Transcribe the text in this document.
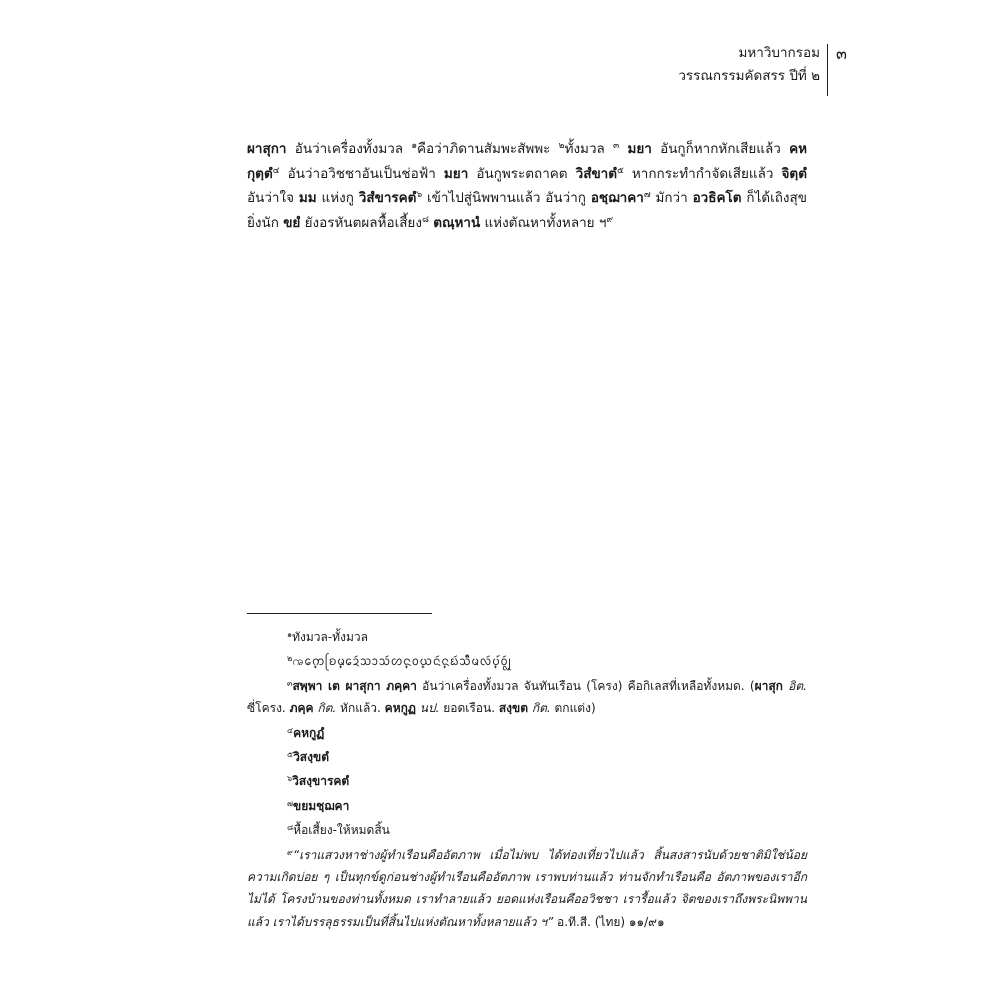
มหาวิบากรอม
วรรณกรรมคัดสรร ปีที่ ๒
๓
ผาสุกา อันว่าเครื่องทั้งมวล $^๑$คือว่าภิดานสัมพะสัพพะ $^๒$ทั้งมวล $^๓$ มยา อันกูก็หากหักเสียแล้ว คหกุตฺตํ$^๔$ อันว่าอวิชชาอันเป็นช่อฟ้า มยา อันกูพระตถาคต วิสํขาตํ$^๕$ หากกระทำกำจัดเสียแล้ว จิตฺตํ อันว่าใจ มม แห่งกู วิสํขารคตํ$^๖$ เข้าไปสู่นิพพานแล้ว อันว่ากู อชฺฌาคา$^๗$ มักว่า อวธิคโต ก็ได้เถิงสุขยิ่งนัก ขยํ ยังอรหันตผลหื้อเสี้ยง$^๘$ ตณฺหานํ แห่งตัณหาทั้งหลาย ฯ$^๙$
$^๑$ทังมวล-ทั้งมวล
$^๒$ꩠᩮ᩠ᨠᩕᨧ᩠ᨾᩮᨯᩢᩈᩣᩈᩢᩉ᩠ᨶᩅ᩠ᨿᨶᩢ᩠ᨶᨭᩢᩈᩫᩥᨾᩃᩢ᩠ᨷ᩶ᩅᩢᩗ
$^๓$สพฺพา เต ผาสุกา ภคฺคา อันว่าเครื่องทั้งมวล จันทันเรือน (โครง) คือกิเลสที่เหลือทั้งหมด. (ผาสุก อิต. ซี่โครง. ภคฺค กิต. หักแล้ว. คหกูฏ นป. ยอดเรือน. สงฺขต กิต. ตกแต่ง)
$^๔$คหกูฏํ
$^๕$วิสงฺขตํ
$^๖$วิสงฺขารคตํ
$^๗$ขยมชฺฌคา
$^๘$หื้อเสี้ยง-ให้หมดสิ้น
$^๙$“เราแสวงหาช่างผู้ทำเรือนคืออัตภาพ เมื่อไม่พบ ได้ท่องเที่ยวไปแล้ว สิ้นสงสารนับด้วยชาติมิใช่น้อย ความเกิดบ่อย ๆ เป็นทุกข์ดูก่อนช่างผู้ทำเรือนคืออัตภาพ เราพบท่านแล้ว ท่านจักทำเรือนคือ อัตภาพของเราอีกไม่ได้ โครงบ้านของท่านทั้งหมด เราทำลายแล้ว ยอดแห่งเรือนคืออวิชชา เรารื้อแล้ว จิตของเราถึงพระนิพพานแล้ว เราได้บรรลุธรรมเป็นที่สิ้นไปแห่งตัณหาทั้งหลายแล้ว ฯ” อ.ที.สี. (ไทย) ๑๑/๙๑
